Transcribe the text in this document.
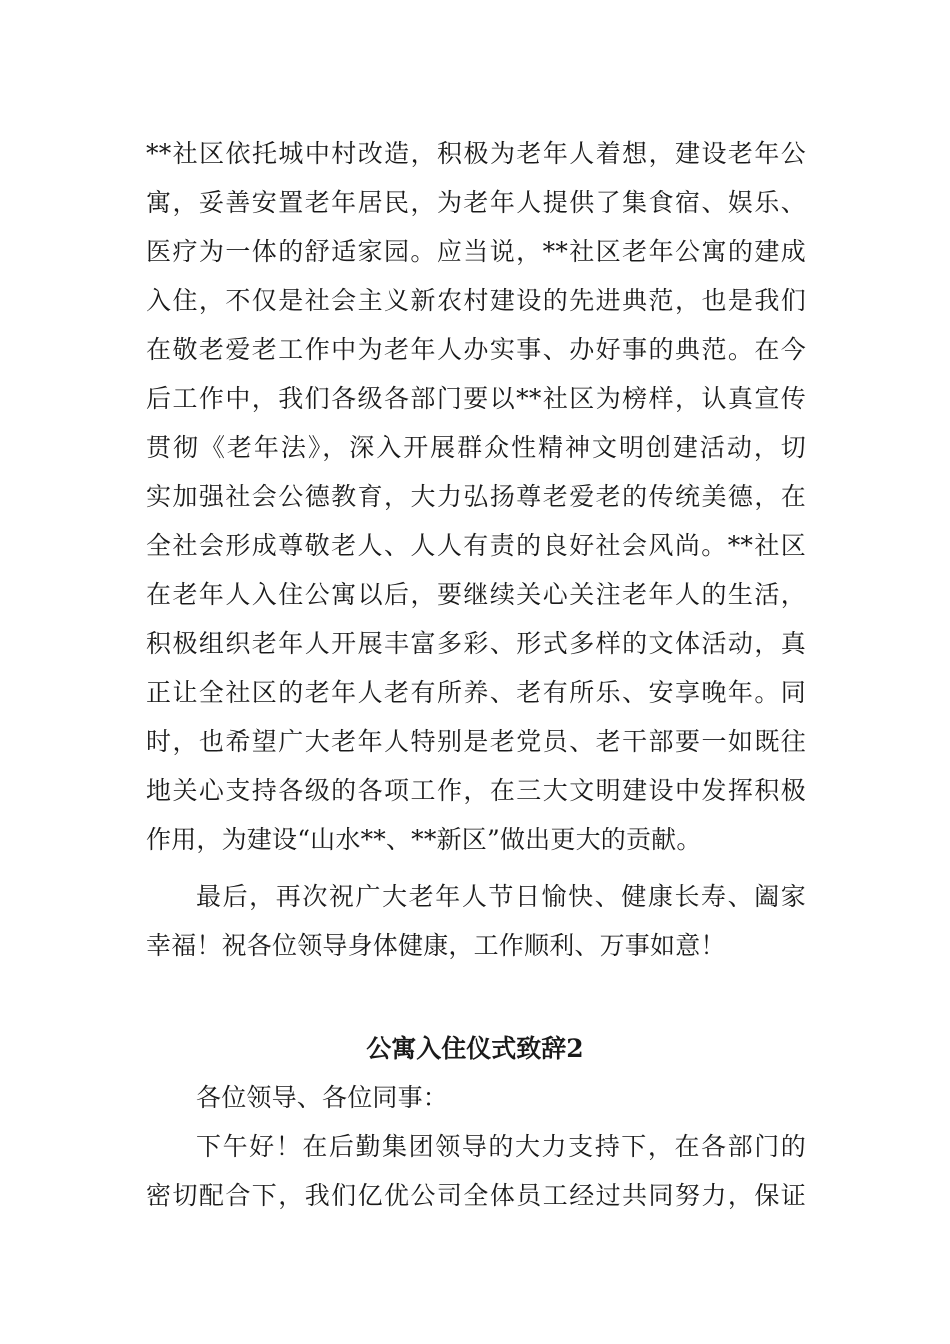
**社区依托城中村改造，积极为老年人着想，建设老年公
寓，妥善安置老年居民，为老年人提供了集食宿、娱乐、
医疗为一体的舒适家园。应当说，**社区老年公寓的建成
入住，不仅是社会主义新农村建设的先进典范，也是我们
在敬老爱老工作中为老年人办实事、办好事的典范。在今
后工作中，我们各级各部门要以**社区为榜样，认真宣传
贯彻《老年法》，深入开展群众性精神文明创建活动，切
实加强社会公德教育，大力弘扬尊老爱老的传统美德，在
全社会形成尊敬老人、人人有责的良好社会风尚。**社区
在老年人入住公寓以后，要继续关心关注老年人的生活，
积极组织老年人开展丰富多彩、形式多样的文体活动，真
正让全社区的老年人老有所养、老有所乐、安享晚年。同
时，也希望广大老年人特别是老党员、老干部要一如既往
地关心支持各级的各项工作，在三大文明建设中发挥积极
作用，为建设“山水**、**新区”做出更大的贡献。
最后，再次祝广大老年人节日愉快、健康长寿、阖家
幸福！祝各位领导身体健康，工作顺利、万事如意！
公寓入住仪式致辞2
各位领导、各位同事：
下午好！在后勤集团领导的大力支持下，在各部门的
密切配合下，我们亿优公司全体员工经过共同努力，保证
